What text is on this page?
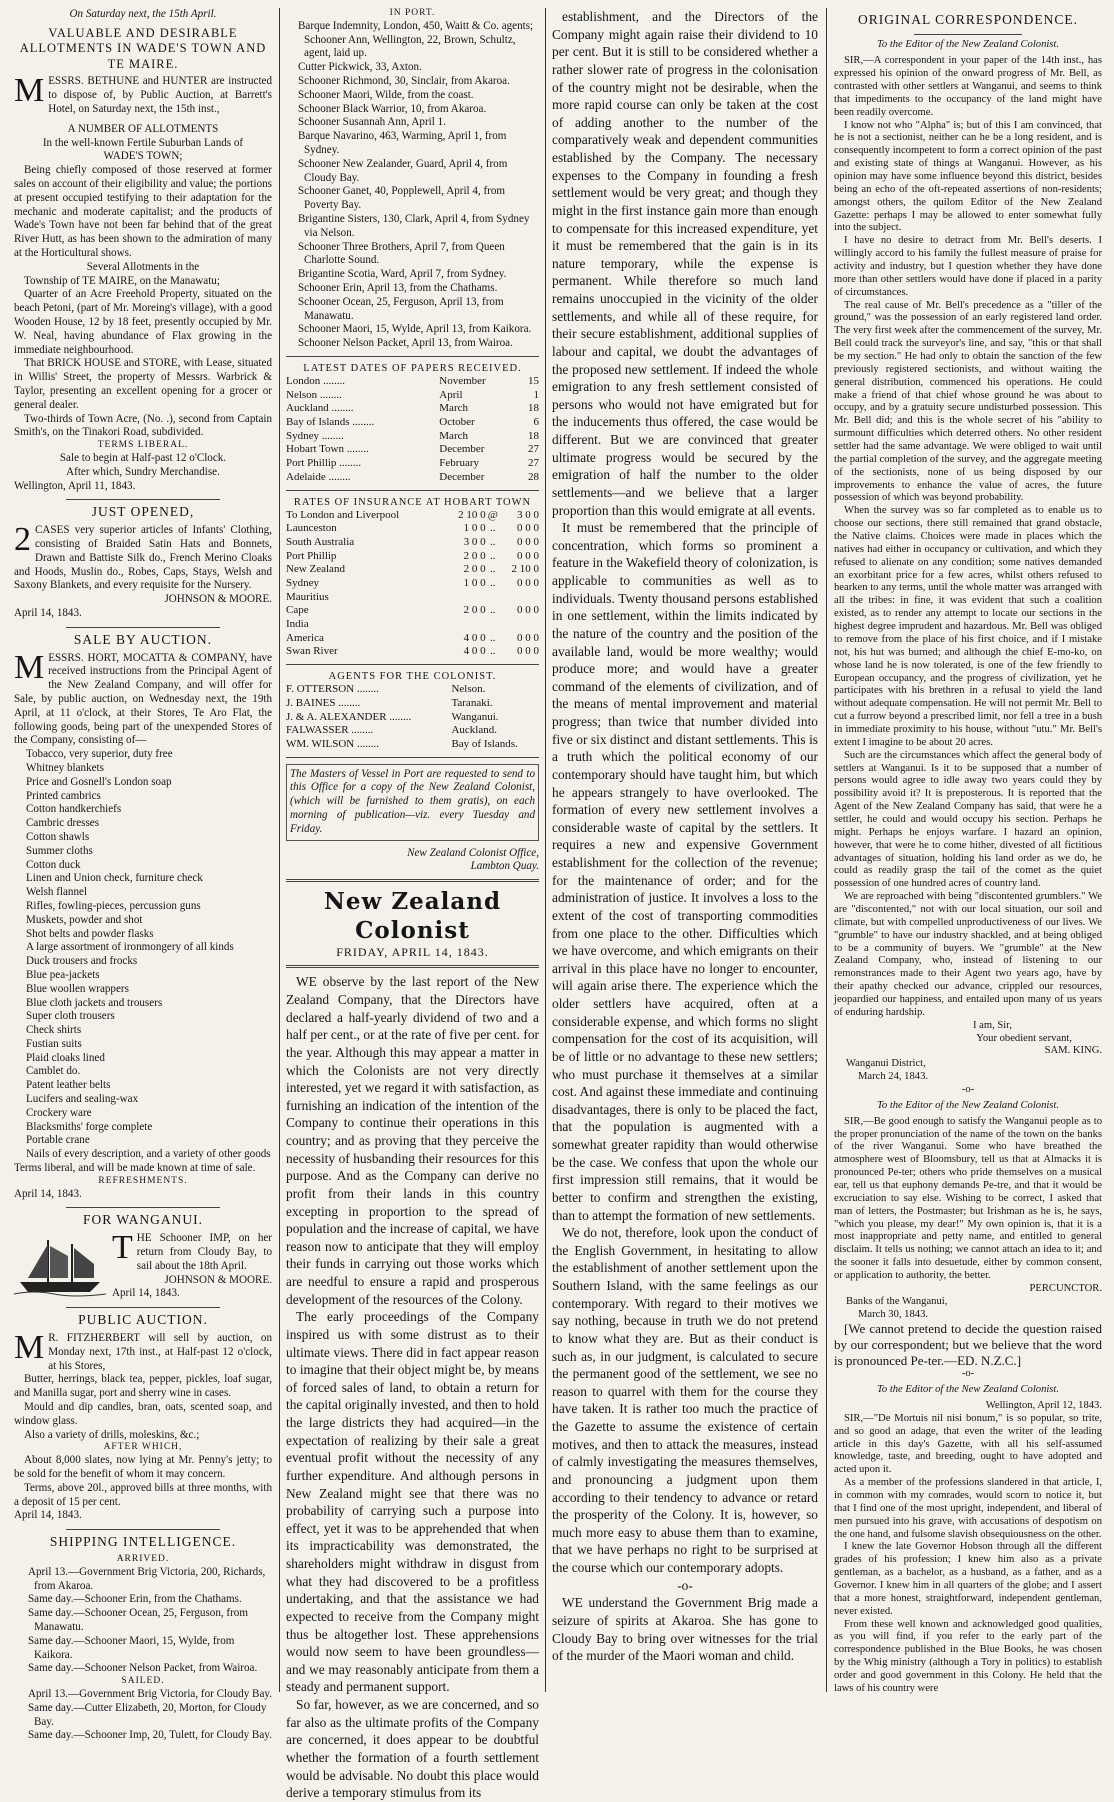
On Saturday next, the 15th April.
VALUABLE AND DESIRABLE ALLOTMENTS IN WADE'S TOWN AND TE MAIRE.

MESSRS. BETHUNE and HUNTER are instructed to dispose of, by Public Auction, at Barrett's Hotel, on Saturday next, the 15th inst.,

A NUMBER OF ALLOTMENTS
In the well-known Fertile Suburban Lands of
WADE'S TOWN;

Being chiefly composed of those reserved at former sales on account of their eligibility and value; the portions at present occupied testifying to their adaptation for the mechanic and moderate capitalist; and the products of Wade's Town have not been far behind that of the great River Hutt, as has been shown to the admiration of many at the Horticultural shows.

Several Allotments in the

Township of TE MAIRE, on the Manawatu;

Quarter of an Acre Freehold Property, situated on the beach Petoni, (part of Mr. Moreing's village), with a good Wooden House, 12 by 18 feet, presently occupied by Mr. W. Neal, having abundance of Flax growing in the immediate neighbourhood.

That BRICK HOUSE and STORE, with Lease, situated in Willis' Street, the property of Messrs. Warbrick & Taylor, presenting an excellent opening for a grocer or general dealer.

Two-thirds of Town Acre, (No. .), second from Captain Smith's, on the Tinakori Road, subdivided.

TERMS LIBERAL.
Sale to begin at Half-past 12 o'Clock.
After which, Sundry Merchandise.
Wellington, April 11, 1843.
JUST OPENED,

2 CASES very superior articles of Infants' Clothing, consisting of Braided Satin Hats and Bonnets, Drawn and Battiste Silk do., French Merino Cloaks and Hoods, Muslin do., Robes, Caps, Stays, Welsh and Saxony Blankets, and every requisite for the Nursery.

JOHNSON & MOORE.
April 14, 1843.
SALE BY AUCTION.

MESSRS. HORT, MOCATTA & COMPANY, have received instructions from the Principal Agent of the New Zealand Company, and will offer for Sale, by public auction, on Wednesday next, the 19th April, at 11 o'clock, at their Stores, Te Aro Flat, the following goods, being part of the unexpended Stores of the Company, consisting of—

Tobacco, very superior, duty free
Whitney blankets
Price and Gosnell's London soap
Printed cambrics
Cotton handkerchiefs
Cambric dresses
Cotton shawls
Summer cloths
Cotton duck
Linen and Union check, furniture check
Welsh flannel
Rifles, fowling-pieces, percussion guns
Muskets, powder and shot
Shot belts and powder flasks
A large assortment of ironmongery of all kinds
Duck trousers and frocks
Blue pea-jackets
Blue woollen wrappers
Blue cloth jackets and trousers
Super cloth trousers
Check shirts
Fustian suits
Plaid cloaks lined
Camblet do.
Patent leather belts
Lucifers and sealing-wax
Crockery ware
Blacksmiths' forge complete
Portable crane
Nails of every description, and a variety of other goods

Terms liberal, and will be made known at time of sale.

REFRESHMENTS.
April 14, 1843.
FOR WANGANUI.

THE Schooner IMP, on her return from Cloudy Bay, to sail about the 18th April.

JOHNSON & MOORE.
April 14, 1843.
PUBLIC AUCTION.

M R. FITZHERBERT will sell by auction, on Monday next, 17th inst., at Half-past 12 o'clock, at his Stores,

Butter, herrings, black tea, pepper, pickles, loaf sugar, and Manilla sugar, port and sherry wine in cases.

Mould and dip candles, bran, oats, scented soap, and window glass.

Also a variety of drills, moleskins, &c.;

AFTER WHICH,

About 8,000 slates, now lying at Mr. Penny's jetty; to be sold for the benefit of whom it may concern.

Terms, above 20l., approved bills at three months, with a deposit of 15 per cent.

April 14, 1843.
SHIPPING INTELLIGENCE.
ARRIVED.
April 13.—Government Brig Victoria, 200, Richards, from Akaroa.
Same day.—Schooner Erin, from the Chathams.
Same day.—Schooner Ocean, 25, Ferguson, from Manawatu.
Same day.—Schooner Maori, 15, Wylde, from Kaikora.
Same day.—Schooner Nelson Packet, from Wairoa.
SAILED.
April 13.—Government Brig Victoria, for Cloudy Bay.
Same day.—Cutter Elizabeth, 20, Morton, for Cloudy Bay.
Same day.—Schooner Imp, 20, Tulett, for Cloudy Bay.
IN PORT.
Barque Indemnity, London, 450, Waitt & Co. agents; Schooner Ann, Wellington, 22, Brown, Schultz, agent, laid up.
Cutter Pickwick, 33, Axton.
Schooner Richmond, 30, Sinclair, from Akaroa.
Schooner Maori, Wilde, from the coast.
Schooner Black Warrior, 10, from Akaroa.
Schooner Susannah Ann, April 1.
Barque Navarino, 463, Warming, April 1, from Sydney.
Schooner New Zealander, Guard, April 4, from Cloudy Bay.
Schooner Ganet, 40, Popplewell, April 4, from Poverty Bay.
Brigantine Sisters, 130, Clark, April 4, from Sydney via Nelson.
Schooner Three Brothers, April 7, from Queen Charlotte Sound.
Brigantine Scotia, Ward, April 7, from Sydney.
Schooner Erin, April 13, from the Chathams.
Schooner Ocean, 25, Ferguson, April 13, from Manawatu.
Schooner Maori, 15, Wylde, April 13, from Kaikora.
Schooner Nelson Packet, April 13, from Wairoa.
LATEST DATES OF PAPERS RECEIVED.
London ........	November	15
Nelson ........	April	1
Auckland ........	March	18
Bay of Islands ........	October	6
Sydney ........	March	18
Hobart Town ........	December	27
Port Phillip ........	February	27
Adelaide ........	December	28
RATES OF INSURANCE AT HOBART TOWN
To London and Liverpool	2 10 0	@	3 0 0
Launceston	1 0 0	..	0 0 0
South Australia	3 0 0	..	0 0 0
Port Phillip	2 0 0	..	0 0 0
New Zealand	2 0 0	..	2 10 0
Sydney	1 0 0	..	0 0 0
Mauritius			
Cape	2 0 0	..	0 0 0
India			
America	4 0 0	..	0 0 0
Swan River	4 0 0	..	0 0 0
AGENTS FOR THE COLONIST.
F. OTTERSON ........	Nelson.
J. BAINES ........	Taranaki.
J. & A. ALEXANDER ........	Wanganui.
FALWASSER ........	Auckland.
WM. WILSON ........	Bay of Islands.
The Masters of Vessel in Port are requested to send to this Office for a copy of the New Zealand Colonist, (which will be furnished to them gratis), on each morning of publication—viz. every Tuesday and Friday.
New Zealand Colonist Office,
Lambton Quay.
New Zealand Colonist
FRIDAY, APRIL 14, 1843.

WE observe by the last report of the New Zealand Company, that the Directors have declared a half-yearly dividend of two and a half per cent., or at the rate of five per cent. for the year. Although this may appear a matter in which the Colonists are not very directly interested, yet we regard it with satisfaction, as furnishing an indication of the intention of the Company to continue their operations in this country; and as proving that they perceive the necessity of husbanding their resources for this purpose. And as the Company can derive no profit from their lands in this country excepting in proportion to the spread of population and the increase of capital, we have reason now to anticipate that they will employ their funds in carrying out those works which are needful to ensure a rapid and prosperous development of the resources of the Colony.

The early proceedings of the Company inspired us with some distrust as to their ultimate views. There did in fact appear reason to imagine that their object might be, by means of forced sales of land, to obtain a return for the capital originally invested, and then to hold the large districts they had acquired—in the expectation of realizing by their sale a great eventual profit without the necessity of any further expenditure. And although persons in New Zealand might see that there was no probability of carrying such a purpose into effect, yet it was to be apprehended that when its impracticability was demonstrated, the shareholders might withdraw in disgust from what they had discovered to be a profitless undertaking, and that the assistance we had expected to receive from the Company might thus be altogether lost. These apprehensions would now seem to have been groundless—and we may reasonably anticipate from them a steady and permanent support.

So far, however, as we are concerned, and so far also as the ultimate profits of the Company are concerned, it does appear to be doubtful whether the formation of a fourth settlement would be advisable. No doubt this place would derive a temporary stimulus from its

establishment, and the Directors of the Company might again raise their dividend to 10 per cent. But it is still to be considered whether a rather slower rate of progress in the colonisation of the country might not be desirable, when the more rapid course can only be taken at the cost of adding another to the number of the comparatively weak and dependent communities established by the Company. The necessary expenses to the Company in founding a fresh settlement would be very great; and though they might in the first instance gain more than enough to compensate for this increased expenditure, yet it must be remembered that the gain is in its nature temporary, while the expense is permanent. While therefore so much land remains unoccupied in the vicinity of the older settlements, and while all of these require, for their secure establishment, additional supplies of labour and capital, we doubt the advantages of the proposed new settlement. If indeed the whole emigration to any fresh settlement consisted of persons who would not have emigrated but for the inducements thus offered, the case would be different. But we are convinced that greater ultimate progress would be secured by the emigration of half the number to the older settlements—and we believe that a larger proportion than this would emigrate at all events.

It must be remembered that the principle of concentration, which forms so prominent a feature in the Wakefield theory of colonization, is applicable to communities as well as to individuals. Twenty thousand persons established in one settlement, within the limits indicated by the nature of the country and the position of the available land, would be more wealthy; would produce more; and would have a greater command of the elements of civilization, and of the means of mental improvement and material progress; than twice that number divided into five or six distinct and distant settlements. This is a truth which the political economy of our contemporary should have taught him, but which he appears strangely to have overlooked. The formation of every new settlement involves a considerable waste of capital by the settlers. It requires a new and expensive Government establishment for the collection of the revenue; for the maintenance of order; and for the administration of justice. It involves a loss to the extent of the cost of transporting commodities from one place to the other. Difficulties which we have overcome, and which emigrants on their arrival in this place have no longer to encounter, will again arise there. The experience which the older settlers have acquired, often at a considerable expense, and which forms no slight compensation for the cost of its acquisition, will be of little or no advantage to these new settlers; who must purchase it themselves at a similar cost. And against these immediate and continuing disadvantages, there is only to be placed the fact, that the population is augmented with a somewhat greater rapidity than would otherwise be the case. We confess that upon the whole our first impression still remains, that it would be better to confirm and strengthen the existing, than to attempt the formation of new settlements.

We do not, therefore, look upon the conduct of the English Government, in hesitating to allow the establishment of another settlement upon the Southern Island, with the same feelings as our contemporary. With regard to their motives we say nothing, because in truth we do not pretend to know what they are. But as their conduct is such as, in our judgment, is calculated to secure the permanent good of the settlement, we see no reason to quarrel with them for the course they have taken. It is rather too much the practice of the Gazette to assume the existence of certain motives, and then to attack the measures, instead of calmly investigating the measures themselves, and pronouncing a judgment upon them according to their tendency to advance or retard the prosperity of the Colony. It is, however, so much more easy to abuse them than to examine, that we have perhaps no right to be surprised at the course which our contemporary adopts.

-o-

WE understand the Government Brig made a seizure of spirits at Akaroa. She has gone to Cloudy Bay to bring over witnesses for the trial of the murder of the Maori woman and child.

ORIGINAL CORRESPONDENCE.
To the Editor of the New Zealand Colonist.

SIR,—A correspondent in your paper of the 14th inst., has expressed his opinion of the onward progress of Mr. Bell, as contrasted with other settlers at Wanganui, and seems to think that impediments to the occupancy of the land might have been readily overcome.

I know not who "Alpha" is; but of this I am convinced, that he is not a sectionist, neither can he be a long resident, and is consequently incompetent to form a correct opinion of the past and existing state of things at Wanganui. However, as his opinion may have some influence beyond this district, besides being an echo of the oft-repeated assertions of non-residents; amongst others, the quilom Editor of the New Zealand Gazette: perhaps I may be allowed to enter somewhat fully into the subject.

I have no desire to detract from Mr. Bell's deserts. I willingly accord to his family the fullest measure of praise for activity and industry, but I question whether they have done more than other settlers would have done if placed in a parity of circumstances.

The real cause of Mr. Bell's precedence as a "tiller of the ground," was the possession of an early registered land order. The very first week after the commencement of the survey, Mr. Bell could track the surveyor's line, and say, "this or that shall be my section." He had only to obtain the sanction of the few previously registered sectionists, and without waiting the general distribution, commenced his operations. He could make a friend of that chief whose ground he was about to occupy, and by a gratuity secure undisturbed possession. This Mr. Bell did; and this is the whole secret of his "ability to surmount difficulties which deterred others. No other resident settler had the same advantage. We were obliged to wait until the partial completion of the survey, and the aggregate meeting of the sectionists, none of us being disposed by our improvements to enhance the value of acres, the future possession of which was beyond probability.

When the survey was so far completed as to enable us to choose our sections, there still remained that grand obstacle, the Native claims. Choices were made in places which the natives had either in occupancy or cultivation, and which they refused to alienate on any condition; some natives demanded an exorbitant price for a few acres, whilst others refused to hearken to any terms, until the whole matter was arranged with all the tribes: in fine, it was evident that such a coalition existed, as to render any attempt to locate our sections in the highest degree imprudent and hazardous. Mr. Bell was obliged to remove from the place of his first choice, and if I mistake not, his hut was burned; and although the chief E-mo-ko, on whose land he is now tolerated, is one of the few friendly to European occupancy, and the progress of civilization, yet he participates with his brethren in a refusal to yield the land without adequate compensation. He will not permit Mr. Bell to cut a furrow beyond a prescribed limit, nor fell a tree in a bush in immediate proximity to his house, without "utu." Mr. Bell's extent I imagine to be about 20 acres.

Such are the circumstances which affect the general body of settlers at Wanganui. Is it to be supposed that a number of persons would agree to idle away two years could they by possibility avoid it? It is preposterous. It is reported that the Agent of the New Zealand Company has said, that were he a settler, he could and would occupy his section. Perhaps he might. Perhaps he enjoys warfare. I hazard an opinion, however, that were he to come hither, divested of all fictitious advantages of situation, holding his land order as we do, he could as readily grasp the tail of the comet as the quiet possession of one hundred acres of country land.

We are reproached with being "discontented grumblers." We are "discontented," not with our local situation, our soil and climate, but with compelled unproductiveness of our lives. We "grumble" to have our industry shackled, and at being obliged to be a community of buyers. We "grumble" at the New Zealand Company, who, instead of listening to our remonstrances made to their Agent two years ago, have by their apathy checked our advance, crippled our resources, jeopardied our happiness, and entailed upon many of us years of enduring hardship.

I am, Sir,
Your obedient servant,
SAM. KING.
Wanganui District,
March 24, 1843.
-o-
To the Editor of the New Zealand Colonist.

SIR,—Be good enough to satisfy the Wanganui people as to the proper pronunciation of the name of the town on the banks of the river Wanganui. Some who have breathed the atmosphere west of Bloomsbury, tell us that at Almacks it is pronounced Pe-ter; others who pride themselves on a musical ear, tell us that euphony demands Pe-tre, and that it would be excruciation to say else. Wishing to be correct, I asked that man of letters, the Postmaster; but Irishman as he is, he says, "which you please, my dear!" My own opinion is, that it is a most inappropriate and petty name, and entitled to general disclaim. It tells us nothing; we cannot attach an idea to it; and the sooner it falls into desuetude, either by common consent, or application to authority, the better.

PERCUNCTOR.
Banks of the Wanganui,
March 30, 1843.

[We cannot pretend to decide the question raised by our correspondent; but we believe that the word is pronounced Pe-ter.—ED. N.Z.C.]

-o-
To the Editor of the New Zealand Colonist.
Wellington, April 12, 1843.

SIR,—"De Mortuis nil nisi bonum," is so popular, so trite, and so good an adage, that even the writer of the leading article in this day's Gazette, with all his self-assumed knowledge, taste, and breeding, ought to have adopted and acted upon it.

As a member of the professions slandered in that article, I, in common with my comrades, would scorn to notice it, but that I find one of the most upright, independent, and liberal of men pursued into his grave, with accusations of despotism on the one hand, and fulsome slavish obsequiousness on the other.

I knew the late Governor Hobson through all the different grades of his profession; I knew him also as a private gentleman, as a bachelor, as a husband, as a father, and as a Governor. I knew him in all quarters of the globe; and I assert that a more honest, straightforward, independent gentleman, never existed.

From these well known and acknowledged good qualities, as you will find, if you refer to the early part of the correspondence published in the Blue Books, he was chosen by the Whig ministry (although a Tory in politics) to establish order and good government in this Colony. He held that the laws of his country were
